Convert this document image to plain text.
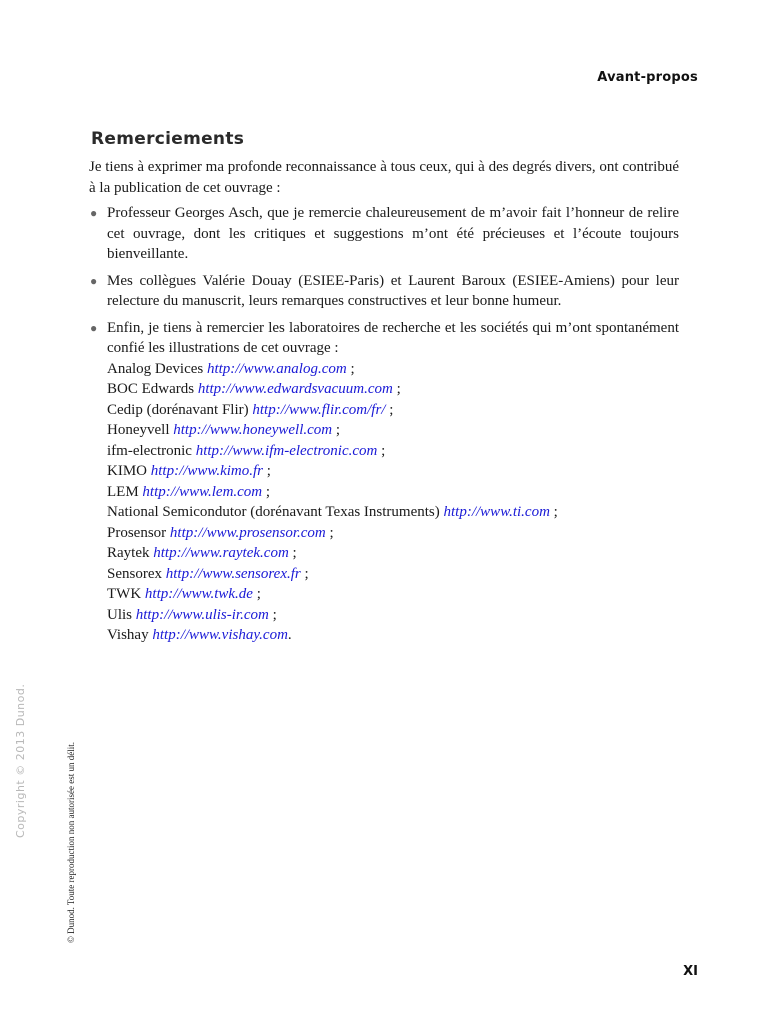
Avant-propos
Remerciements

Je tiens à exprimer ma profonde reconnaissance à tous ceux, qui à des degrés divers, ont contribué à la publication de cet ouvrage :

● Professeur Georges Asch, que je remercie chaleureusement de m’avoir fait l’honneur de relire cet ouvrage, dont les critiques et suggestions m’ont été précieuses et l’écoute toujours bienveillante.
● Mes collègues Valérie Douay (ESIEE-Paris) et Laurent Baroux (ESIEE-Amiens) pour leur relecture du manuscrit, leurs remarques constructives et leur bonne humeur.
● Enfin, je tiens à remercier les laboratoires de recherche et les sociétés qui m’ont spontanément confié les illustrations de cet ouvrage :
Analog Devices http://www.analog.com ;
BOC Edwards http://www.edwardsvacuum.com ;
Cedip (dorénavant Flir) http://www.flir.com/fr/ ;
Honeyvell http://www.honeywell.com ;
ifm-electronic http://www.ifm-electronic.com ;
KIMO http://www.kimo.fr ;
LEM http://www.lem.com ;
National Semicondutor (dorénavant Texas Instruments) http://www.ti.com ;
Prosensor http://www.prosensor.com ;
Raytek http://www.raytek.com ;
Sensorex http://www.sensorex.fr ;
TWK http://www.twk.de ;
Ulis http://www.ulis-ir.com ;
Vishay http://www.vishay.com.
Copyright © 2013 Dunod.	© Dunod. Toute reproduction non autorisée est un délit.
XI
